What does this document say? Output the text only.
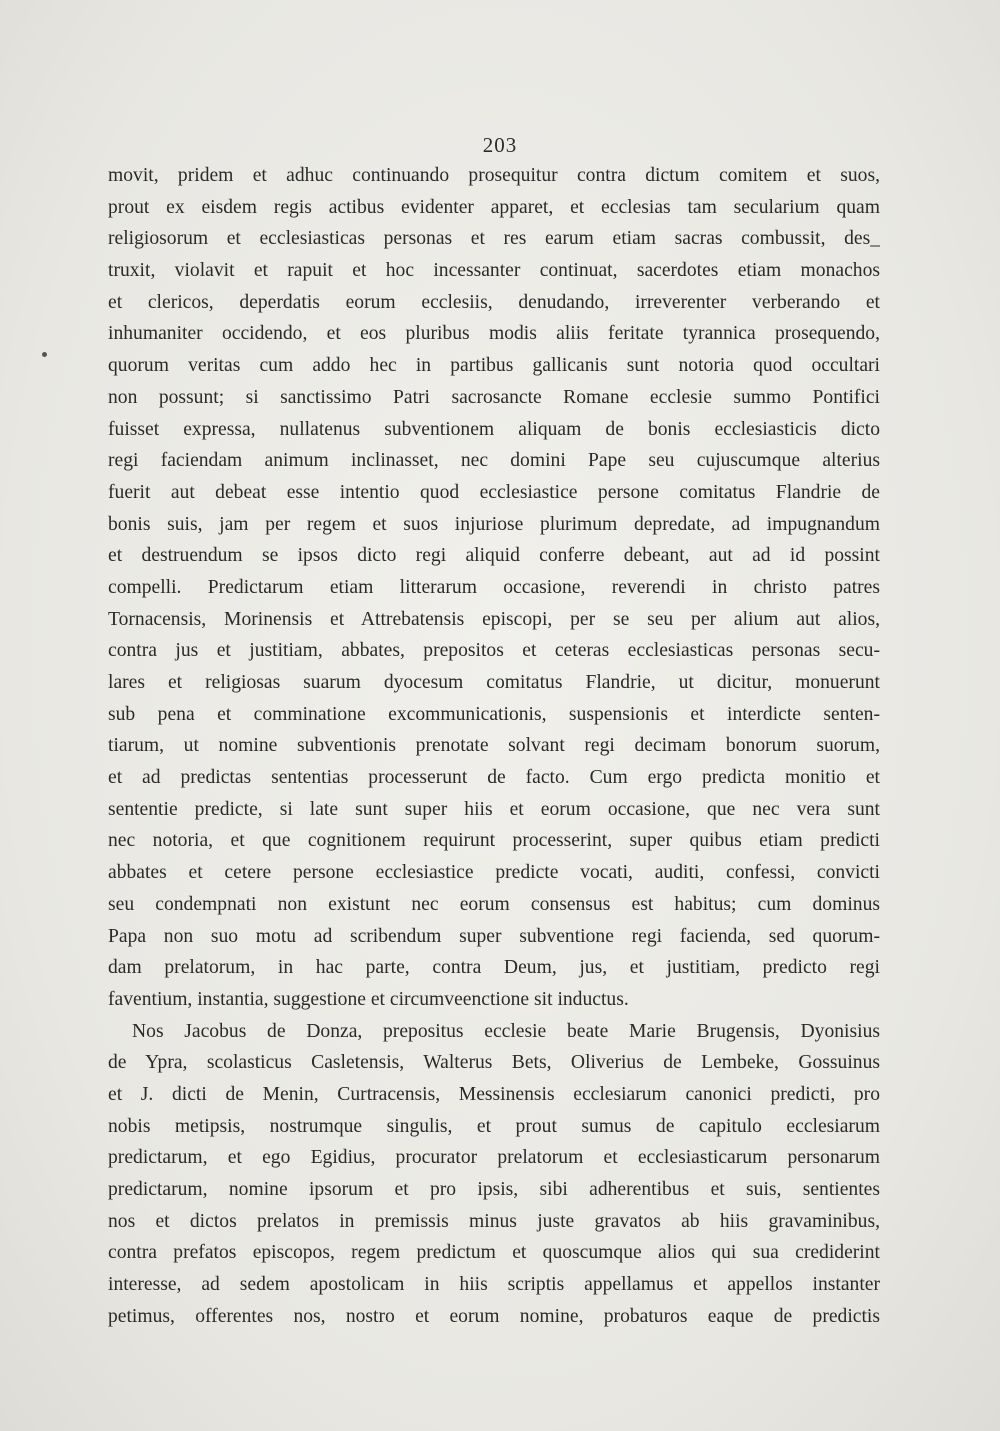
203
movit, pridem et adhuc continuando prosequitur contra dictum comitem et suos,
prout ex eisdem regis actibus evidenter apparet, et ecclesias tam secularium quam
religiosorum et ecclesiasticas personas et res earum etiam sacras combussit, des_
truxit, violavit et rapuit et hoc incessanter continuat, sacerdotes etiam monachos
et clericos, deperdatis eorum ecclesiis, denudando, irreverenter verberando et
inhumaniter occidendo, et eos pluribus modis aliis feritate tyrannica prosequendo,
quorum veritas cum addo hec in partibus gallicanis sunt notoria quod occultari
non possunt; si sanctissimo Patri sacrosancte Romane ecclesie summo Pontifici
fuisset expressa, nullatenus subventionem aliquam de bonis ecclesiasticis dicto
regi faciendam animum inclinasset, nec domini Pape seu cujuscumque alterius
fuerit aut debeat esse intentio quod ecclesiastice persone comitatus Flandrie de
bonis suis, jam per regem et suos injuriose plurimum depredate, ad impugnandum
et destruendum se ipsos dicto regi aliquid conferre debeant, aut ad id possint
compelli. Predictarum etiam litterarum occasione, reverendi in christo patres
Tornacensis, Morinensis et Attrebatensis episcopi, per se seu per alium aut alios,
contra jus et justitiam, abbates, prepositos et ceteras ecclesiasticas personas secu-
lares et religiosas suarum dyocesum comitatus Flandrie, ut dicitur, monuerunt
sub pena et comminatione excommunicationis, suspensionis et interdicte senten-
tiarum, ut nomine subventionis prenotate solvant regi decimam bonorum suorum,
et ad predictas sententias processerunt de facto. Cum ergo predicta monitio et
sententie predicte, si late sunt super hiis et eorum occasione, que nec vera sunt
nec notoria, et que cognitionem requirunt processerint, super quibus etiam predicti
abbates et cetere persone ecclesiastice predicte vocati, auditi, confessi, convicti
seu condempnati non existunt nec eorum consensus est habitus; cum dominus
Papa non suo motu ad scribendum super subventione regi facienda, sed quorum-
dam prelatorum, in hac parte, contra Deum, jus, et justitiam, predicto regi
faventium, instantia, suggestione et circumveenctione sit inductus.
Nos Jacobus de Donza, prepositus ecclesie beate Marie Brugensis, Dyonisius
de Ypra, scolasticus Casletensis, Walterus Bets, Oliverius de Lembeke, Gossuinus
et J. dicti de Menin, Curtracensis, Messinensis ecclesiarum canonici predicti, pro
nobis metipsis, nostrumque singulis, et prout sumus de capitulo ecclesiarum
predictarum, et ego Egidius, procurator prelatorum et ecclesiasticarum personarum
predictarum, nomine ipsorum et pro ipsis, sibi adherentibus et suis, sentientes
nos et dictos prelatos in premissis minus juste gravatos ab hiis gravaminibus,
contra prefatos episcopos, regem predictum et quoscumque alios qui sua crediderint
interesse, ad sedem apostolicam in hiis scriptis appellamus et appellos instanter
petimus, offerentes nos, nostro et eorum nomine, probaturos eaque de predictis
